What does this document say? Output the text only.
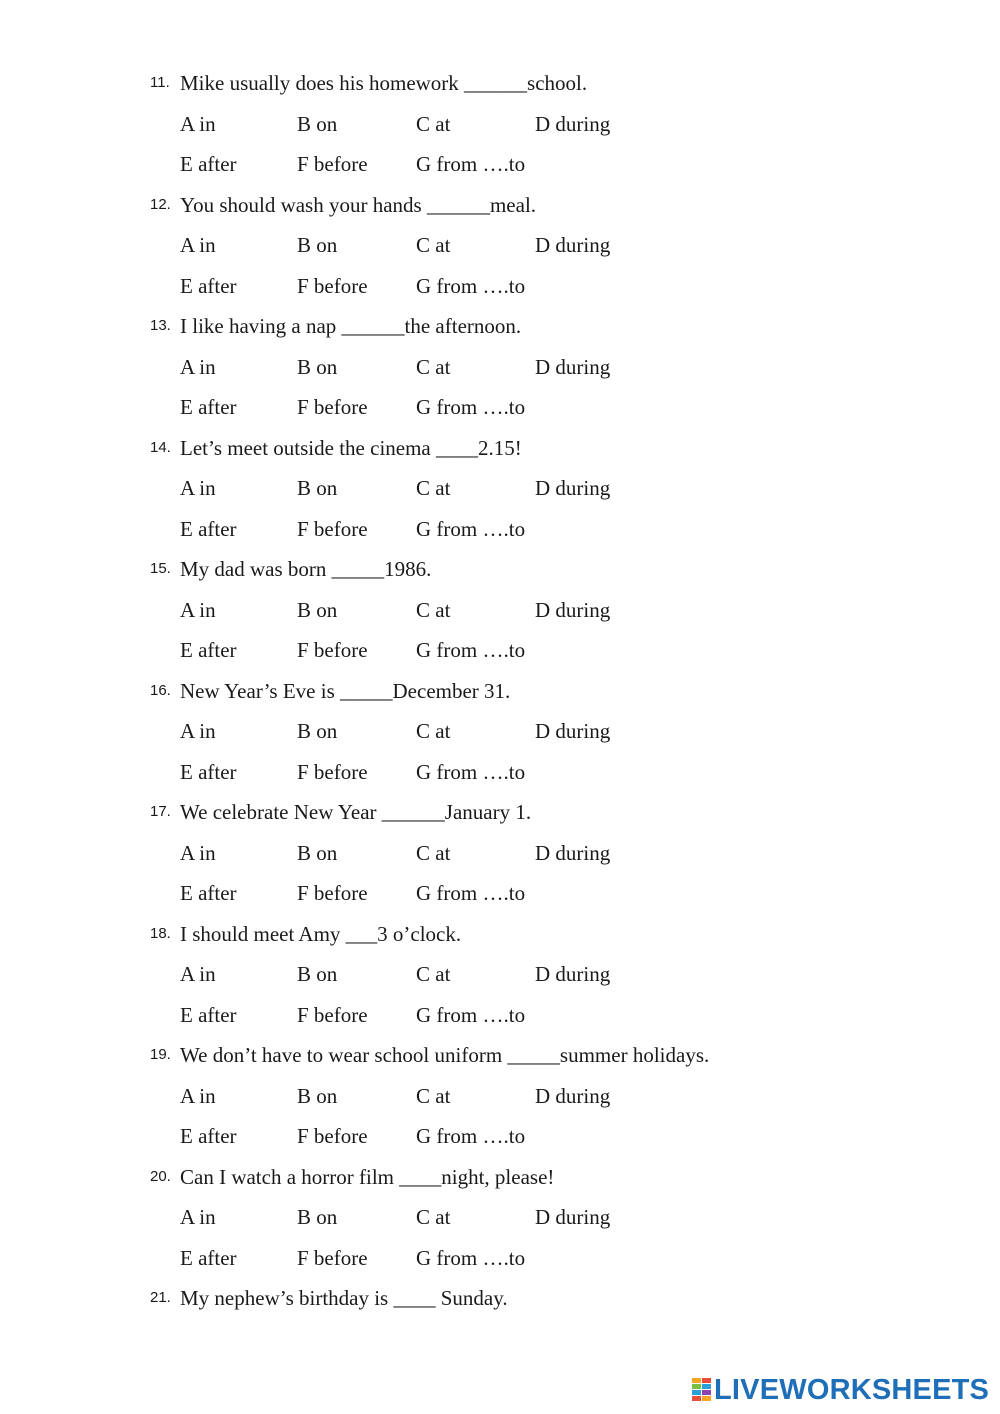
11. Mike usually does his homework ______school.
A in	B on	C at	D during
E after	F before G from ….to
12. You should wash your hands ______meal.
A in	B on	C at	D during
E after	F before G from ….to
13. I like having a nap ______the afternoon.
A in	B on	C at	D during
E after	F before G from ….to
14. Let’s meet outside the cinema ____2.15!
A in	B on	C at	D during
E after	F before G from ….to
15. My dad was born _____1986.
A in	B on	C at	D during
E after	F before G from ….to
16. New Year’s Eve is _____December 31.
A in	B on	C at	D during
E after	F before G from ….to
17. We celebrate New Year ______January 1.
A in	B on	C at	D during
E after	F before G from ….to
18. I should meet Amy ___3 o’clock.
A in	B on	C at	D during
E after	F before G from ….to
19. We don’t have to wear school uniform _____summer holidays.
A in	B on	C at	D during
E after	F before G from ….to
20. Can I watch a horror film ____night, please!
A in	B on	C at	D during
E after	F before G from ….to
21. My nephew’s birthday is ____ Sunday.
LIVEWORKSHEETS
